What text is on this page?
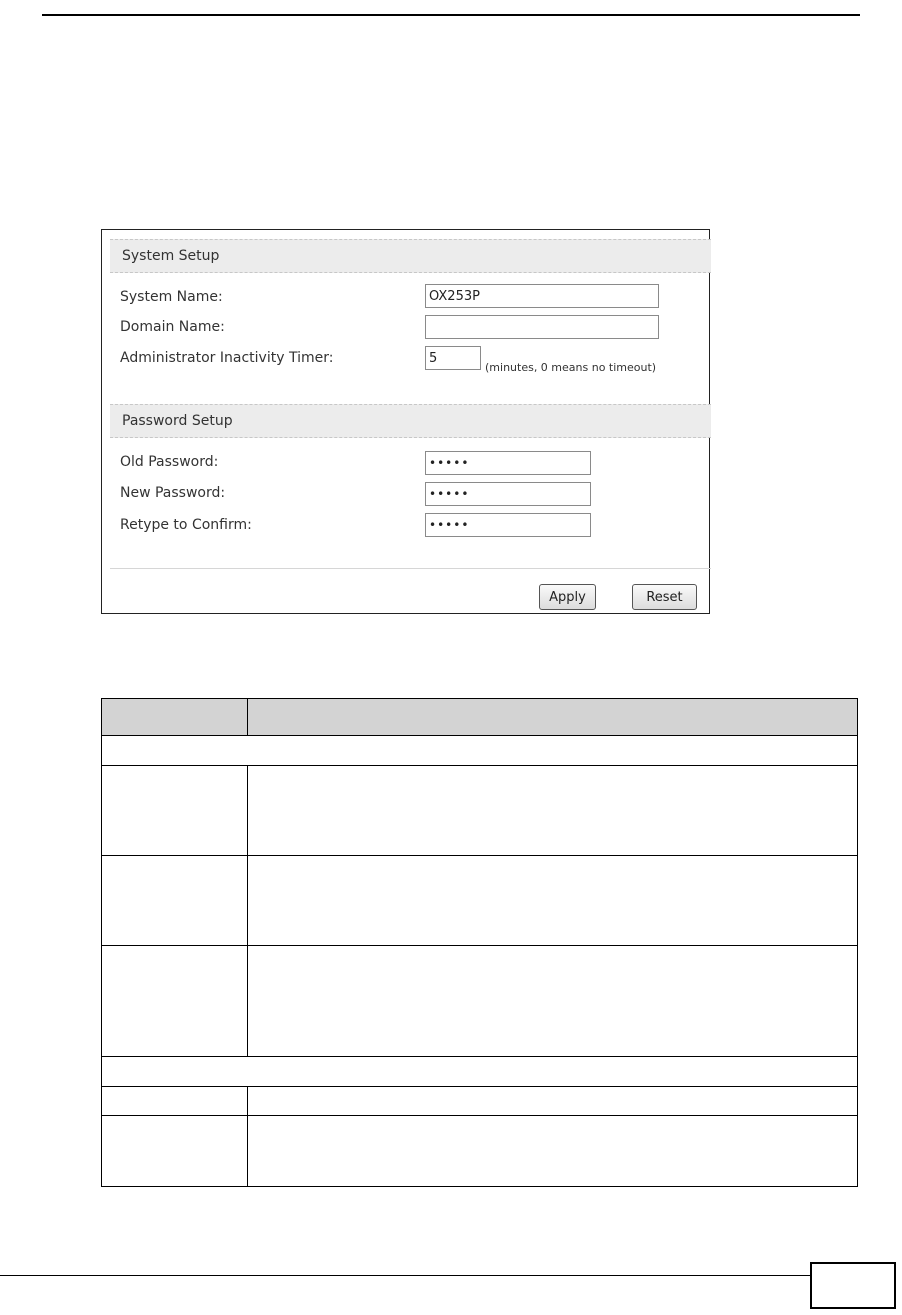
System Setup
System Name:
OX253P
Domain Name:
Administrator Inactivity Timer:
5
(minutes, 0 means no timeout)
Password Setup
Old Password:
•••••
New Password:
•••••
Retype to Confirm:
•••••
Apply	Reset
